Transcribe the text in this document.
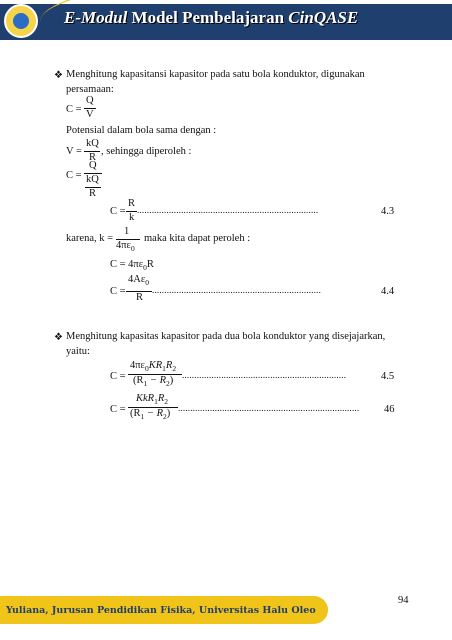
E-Modul Model Pembelajaran CinQASE
❖ Menghitung kapasitansi kapasitor pada satu bola konduktor, digunakan
persamaan:
C =
Q
V
Potensial dalam bola sama dengan :
V =
kQ
R
, sehingga diperoleh :
C =
Q
kQ
R
C =
R
k
..........................................................................	4.3
karena, k =
1
$4\pi\varepsilon_0$
maka kita dapat peroleh :
$C = 4\pi\varepsilon_0R$
C =
$4A\varepsilon_0$
R
.....................................................................	4.4
❖ Menghitung kapasitas kapasitor pada dua bola konduktor yang disejajarkan,
yaitu:
C =
$4\pi\varepsilon_0KR_1R_2$
$(R_1 - R_2)$ ...................................................................	4.5
C =
$KkR_1R_2$
$(R_1 - R_2)$ .......................................................................... 46
Yuliana, Jurusan Pendidikan Fisika, Universitas Halu Oleo
94
